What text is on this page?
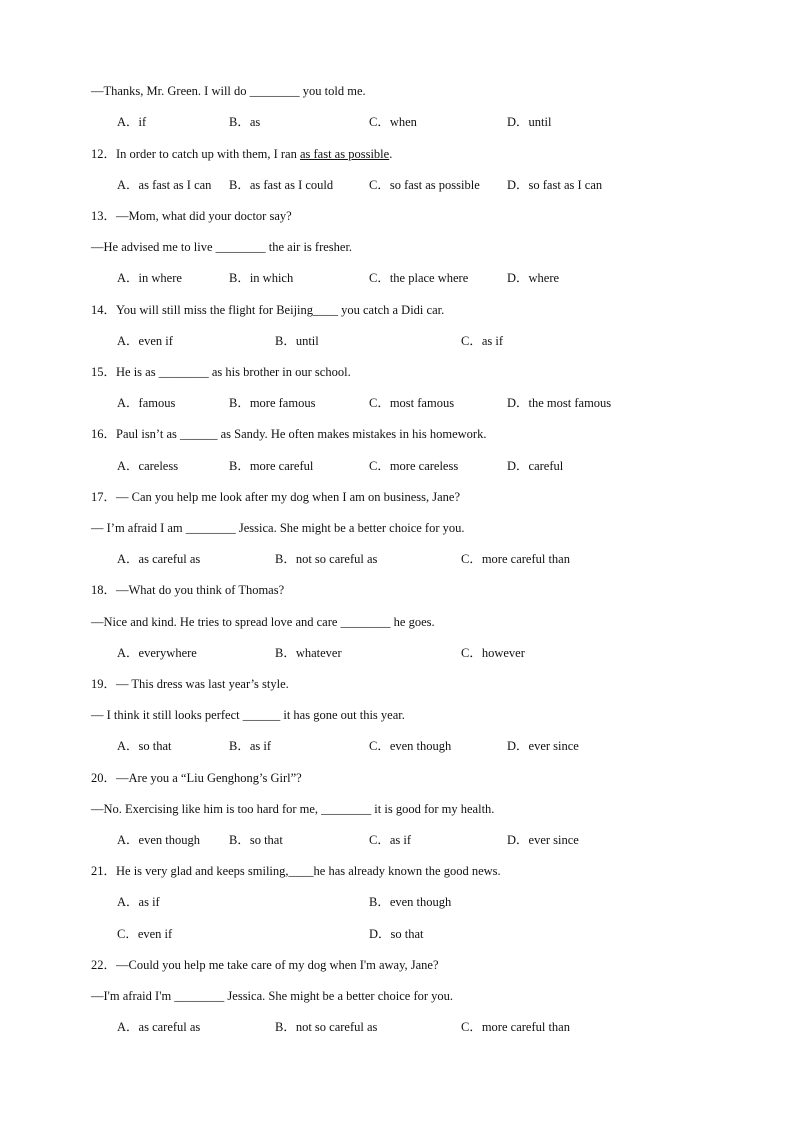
—Thanks, Mr. Green. I will do ________ you told me.
A．if	B．as	C．when	D．until
12．In order to catch up with them, I ran as fast as possible.
A．as fast as I can B．as fast as I could	C．so fast as possible D．so fast as I can
13．—Mom, what did your doctor say?
—He advised me to live ________ the air is fresher.
A．in where	B．in which	C．the place where	D．where
14．You will still miss the flight for Beijing____ you catch a Didi car.
A．even if	B．until	C．as if
15．He is as ________ as his brother in our school.
A．famous	B．more famous	C．most famous	D．the most famous
16．Paul isn’t as ______ as Sandy. He often makes mistakes in his homework.
A．careless	B．more careful	C．more careless	D．careful
17．— Can you help me look after my dog when I am on business, Jane?
— I’m afraid I am ________ Jessica. She might be a better choice for you.
A．as careful as	B．not so careful as	C．more careful than
18．—What do you think of Thomas?
—Nice and kind. He tries to spread love and care ________ he goes.
A．everywhere	B．whatever	C．however
19．— This dress was last year’s style.
— I think it still looks perfect ______ it has gone out this year.
A．so that	B．as if	C．even though	D．ever since
20．—Are you a “Liu Genghong’s Girl”?
—No. Exercising like him is too hard for me, ________ it is good for my health.
A．even though B．so that	C．as if	D．ever since
21．He is very glad and keeps smiling,____he has already known the good news.
A．as if	B．even though
C．even if	D．so that
22．—Could you help me take care of my dog when I'm away, Jane?
—I'm afraid I'm ________ Jessica. She might be a better choice for you.
A．as careful as	B．not so careful as	C．more careful than
